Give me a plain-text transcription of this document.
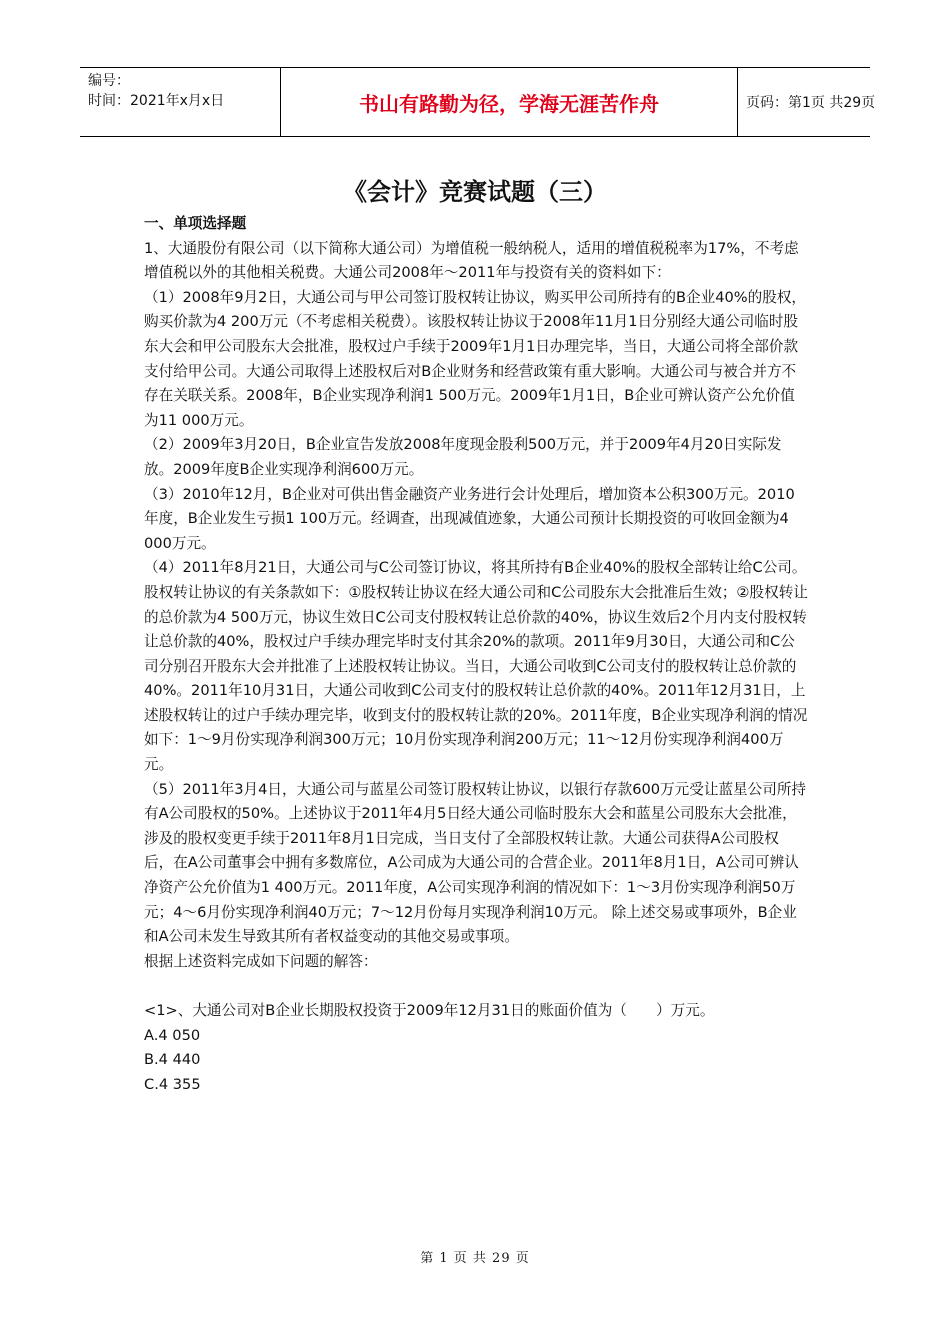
编号：
时间：2021年x月x日	书山有路勤为径，学海无涯苦作舟	页码：第1页 共29页
《会计》竞赛试题（三）

一、单项选择题

1、大通股份有限公司（以下简称大通公司）为增值税一般纳税人，适用的增值税税率为17%，不考虑增值税以外的其他相关税费。大通公司2008年～2011年与投资有关的资料如下：

（1）2008年9月2日，大通公司与甲公司签订股权转让协议，购买甲公司所持有的B企业40%的股权，购买价款为4 200万元（不考虑相关税费）。该股权转让协议于2008年11月1日分别经大通公司临时股东大会和甲公司股东大会批准，股权过户手续于2009年1月1日办理完毕，当日，大通公司将全部价款支付给甲公司。大通公司取得上述股权后对B企业财务和经营政策有重大影响。大通公司与被合并方不存在关联关系。2008年，B企业实现净利润1 500万元。2009年1月1日，B企业可辨认资产公允价值为11 000万元。

（2）2009年3月20日，B企业宣告发放2008年度现金股利500万元，并于2009年4月20日实际发放。2009年度B企业实现净利润600万元。

（3）2010年12月，B企业对可供出售金融资产业务进行会计处理后，增加资本公积300万元。2010年度，B企业发生亏损1 100万元。经调查，出现减值迹象，大通公司预计长期投资的可收回金额为4 000万元。

（4）2011年8月21日，大通公司与C公司签订协议，将其所持有B企业40%的股权全部转让给C公司。股权转让协议的有关条款如下：①股权转让协议在经大通公司和C公司股东大会批准后生效；②股权转让的总价款为4 500万元，协议生效日C公司支付股权转让总价款的40%，协议生效后2个月内支付股权转让总价款的40%，股权过户手续办理完毕时支付其余20%的款项。2011年9月30日，大通公司和C公司分别召开股东大会并批准了上述股权转让协议。当日，大通公司收到C公司支付的股权转让总价款的40%。2011年10月31日，大通公司收到C公司支付的股权转让总价款的40%。2011年12月31日，上述股权转让的过户手续办理完毕，收到支付的股权转让款的20%。2011年度，B企业实现净利润的情况如下：1～9月份实现净利润300万元；10月份实现净利润200万元；11～12月份实现净利润400万元。

（5）2011年3月4日，大通公司与蓝星公司签订股权转让协议，以银行存款600万元受让蓝星公司所持有A公司股权的50%。上述协议于2011年4月5日经大通公司临时股东大会和蓝星公司股东大会批准，涉及的股权变更手续于2011年8月1日完成，当日支付了全部股权转让款。大通公司获得A公司股权后，在A公司董事会中拥有多数席位，A公司成为大通公司的合营企业。2011年8月1日，A公司可辨认净资产公允价值为1 400万元。2011年度，A公司实现净利润的情况如下：1～3月份实现净利润50万元；4～6月份实现净利润40万元；7～12月份每月实现净利润10万元。 除上述交易或事项外，B企业和A公司未发生导致其所有者权益变动的其他交易或事项。

根据上述资料完成如下问题的解答：

<1>、大通公司对B企业长期股权投资于2009年12月31日的账面价值为（　　）万元。

A.4 050

B.4 440

C.4 355

第 1 页 共 29 页
